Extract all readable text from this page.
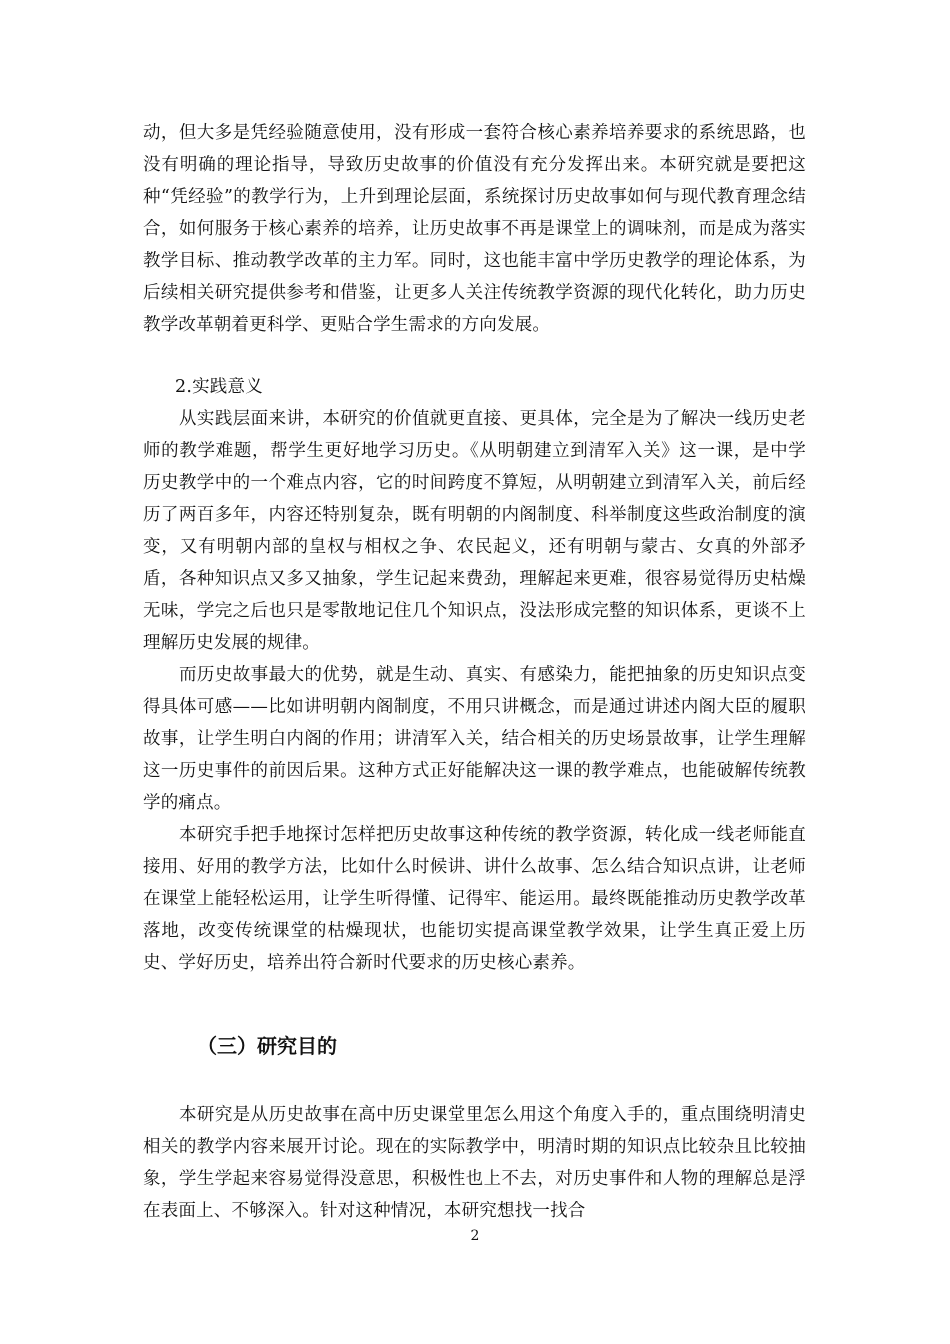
动，但大多是凭经验随意使用，没有形成一套符合核心素养培养要求的系统思路，也没有明确的理论指导，导致历史故事的价值没有充分发挥出来。本研究就是要把这种“凭经验”的教学行为，上升到理论层面，系统探讨历史故事如何与现代教育理念结合，如何服务于核心素养的培养，让历史故事不再是课堂上的调味剂，而是成为落实教学目标、推动教学改革的主力军。同时，这也能丰富中学历史教学的理论体系，为后续相关研究提供参考和借鉴，让更多人关注传统教学资源的现代化转化，助力历史教学改革朝着更科学、更贴合学生需求的方向发展。

2.实践意义

从实践层面来讲，本研究的价值就更直接、更具体，完全是为了解决一线历史老师的教学难题，帮学生更好地学习历史。《从明朝建立到清军入关》这一课，是中学历史教学中的一个难点内容，它的时间跨度不算短，从明朝建立到清军入关，前后经历了两百多年，内容还特别复杂，既有明朝的内阁制度、科举制度这些政治制度的演变，又有明朝内部的皇权与相权之争、农民起义，还有明朝与蒙古、女真的外部矛盾，各种知识点又多又抽象，学生记起来费劲，理解起来更难，很容易觉得历史枯燥无味，学完之后也只是零散地记住几个知识点，没法形成完整的知识体系，更谈不上理解历史发展的规律。

而历史故事最大的优势，就是生动、真实、有感染力，能把抽象的历史知识点变得具体可感——比如讲明朝内阁制度，不用只讲概念，而是通过讲述内阁大臣的履职故事，让学生明白内阁的作用；讲清军入关，结合相关的历史场景故事，让学生理解这一历史事件的前因后果。这种方式正好能解决这一课的教学难点，也能破解传统教学的痛点。

本研究手把手地探讨怎样把历史故事这种传统的教学资源，转化成一线老师能直接用、好用的教学方法，比如什么时候讲、讲什么故事、怎么结合知识点讲，让老师在课堂上能轻松运用，让学生听得懂、记得牢、能运用。最终既能推动历史教学改革落地，改变传统课堂的枯燥现状，也能切实提高课堂教学效果，让学生真正爱上历史、学好历史，培养出符合新时代要求的历史核心素养。

（三）研究目的

本研究是从历史故事在高中历史课堂里怎么用这个角度入手的，重点围绕明清史相关的教学内容来展开讨论。现在的实际教学中，明清时期的知识点比较杂且比较抽象，学生学起来容易觉得没意思，积极性也上不去，对历史事件和人物的理解总是浮在表面上、不够深入。针对这种情况，本研究想找一找合

2
